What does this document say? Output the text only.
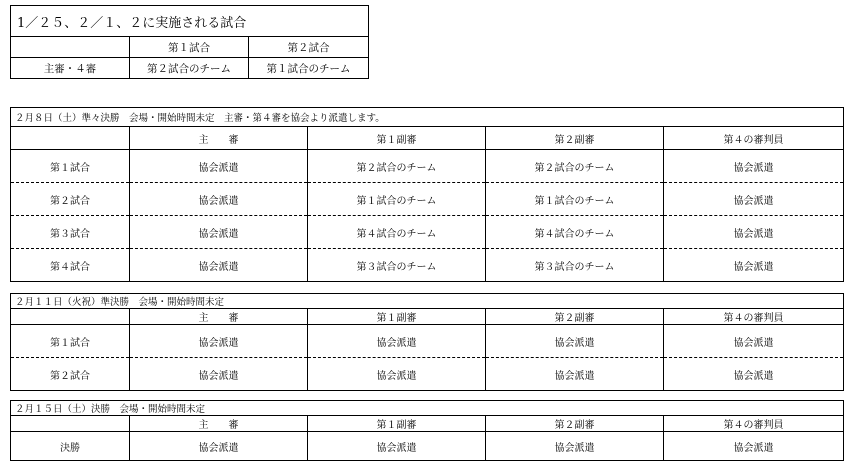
1／２５、２／１、２に実施される試合		
	第１試合	第２試合
主審・４審	第２試合のチーム	第１試合のチーム
２月８日（土）準々決勝　会場・開始時間未定　主審・第４審を協会より派遣します。				
	主　　審	第１副審	第２副審	第４の審判員
第１試合	協会派遣	第２試合のチーム	第２試合のチーム	協会派遣
第２試合	協会派遣	第１試合のチーム	第１試合のチーム	協会派遣
第３試合	協会派遣	第４試合のチーム	第４試合のチーム	協会派遣
第４試合	協会派遣	第３試合のチーム	第３試合のチーム	協会派遣
２月１１日（火祝）準決勝　会場・開始時間未定				
	主　　審	第１副審	第２副審	第４の審判員
第１試合	協会派遣	協会派遣	協会派遣	協会派遣
第２試合	協会派遣	協会派遣	協会派遣	協会派遣
２月１５日（土）決勝　会場・開始時間未定				
	主　　審	第１副審	第２副審	第４の審判員
決勝	協会派遣	協会派遣	協会派遣	協会派遣
